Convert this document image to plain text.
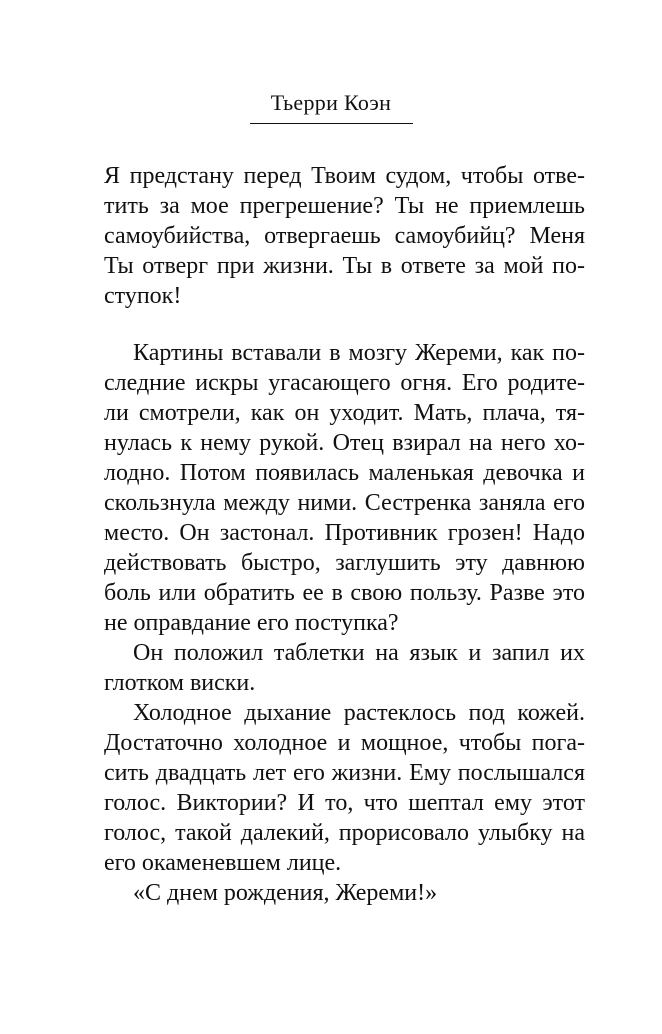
Тьерри Коэн
Я предстану перед Твоим судом, чтобы отве-
тить за мое прегрешение? Ты не приемлешь
самоубийства, отвергаешь самоубийц? Меня
Ты отверг при жизни. Ты в ответе за мой по-
ступок!
Картины вставали в мозгу Жереми, как по-
следние искры угасающего огня. Его родите-
ли смотрели, как он уходит. Мать, плача, тя-
нулась к нему рукой. Отец взирал на него хо-
лодно. Потом появилась маленькая девочка и
скользнула между ними. Сестренка заняла его
место. Он застонал. Противник грозен! Надо
действовать быстро, заглушить эту давнюю
боль или обратить ее в свою пользу. Разве это
не оправдание его поступка?
Он положил таблетки на язык и запил их
глотком виски.
Холодное дыхание растеклось под кожей.
Достаточно холодное и мощное, чтобы пога-
сить двадцать лет его жизни. Ему послышался
голос. Виктории? И то, что шептал ему этот
голос, такой далекий, прорисовало улыбку на
его окаменевшем лице.
«С днем рождения, Жереми!»
